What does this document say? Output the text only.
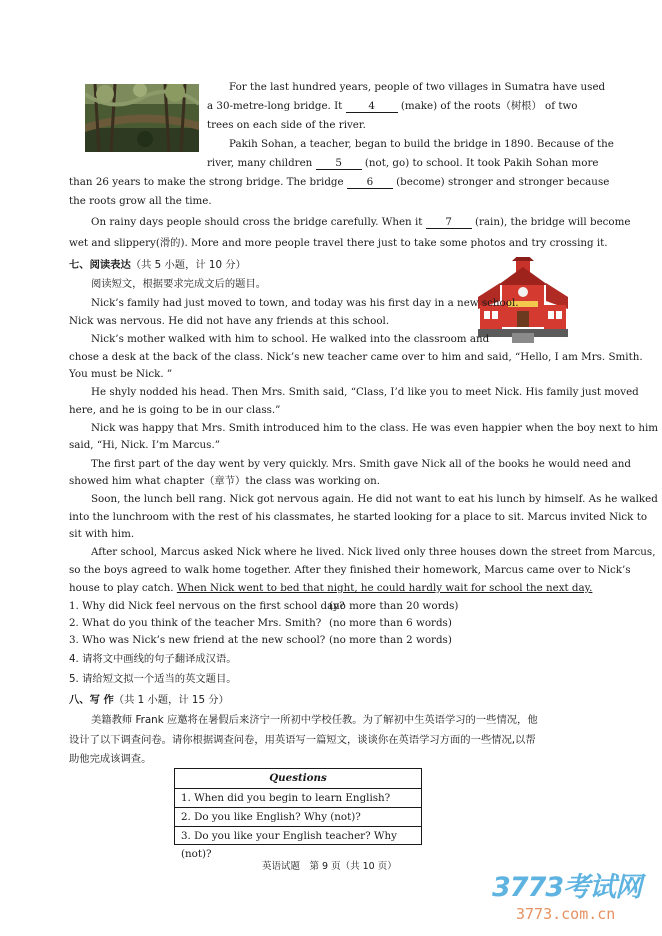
For the last hundred years, people of two villages in Sumatra have used
a 30-metre-long bridge. It	4	(make) of the roots（树根） of two
trees on each side of the river.
Pakih Sohan, a teacher, began to build the bridge in 1890. Because of the
river, many children 5 (not, go) to school. It took Pakih Sohan more
than 26 years to make the strong bridge. The bridge 6 (become) stronger and stronger because
the roots grow all the time.
On rainy days people should cross the bridge carefully. When it 7 (rain), the bridge will become
wet and slippery(滑的). More and more people travel there just to take some photos and try crossing it.
七、阅读表达（共 5 小题，计 10 分）
阅读短文，根据要求完成文后的题目。
Nick’s family had just moved to town, and today was his first day in a new school.
Nick was nervous. He did not have any friends at this school.
Nick’s mother walked with him to school. He walked into the classroom and
chose a desk at the back of the class. Nick’s new teacher came over to him and said, “Hello, I am Mrs. Smith.
You must be Nick. ”
He shyly nodded his head. Then Mrs. Smith said, “Class, I’d like you to meet Nick. His family just moved
here, and he is going to be in our class.”
Nick was happy that Mrs. Smith introduced him to the class. He was even happier when the boy next to him
said, “Hi, Nick. I’m Marcus.”
The first part of the day went by very quickly. Mrs. Smith gave Nick all of the books he would need and
showed him what chapter（章节）the class was working on.
Soon, the lunch bell rang. Nick got nervous again. He did not want to eat his lunch by himself. As he walked
into the lunchroom with the rest of his classmates, he started looking for a place to sit. Marcus invited Nick to
sit with him.
After school, Marcus asked Nick where he lived. Nick lived only three houses down the street from Marcus,
so the boys agreed to walk home together. After they finished their homework, Marcus came over to Nick’s
house to play catch. When Nick went to bed that night, he could hardly wait for school the next day.
1. Why did Nick feel nervous on the first school day?
(no more than 20 words)
2. What do you think of the teacher Mrs. Smith? (no more than 6 words)
3. Who was Nick’s new friend at the new school? (no more than 2 words)
4. 请将文中画线的句子翻译成汉语。
5. 请给短文拟一个适当的英文题目。
八、写 作（共 1 小题，计 15 分）
美籍教师 Frank 应邀将在暑假后来济宁一所初中学校任教。为了解初中生英语学习的一些情况，他
设计了以下调查问卷。请你根据调查问卷，用英语写一篇短文，谈谈你在英语学习方面的一些情况,以帮
助他完成该调查。
Questions
1. When did you begin to learn English?
2. Do you like English? Why (not)?
3. Do you like your English teacher? Why (not)?
英语试题　第 9 页（共 10 页）
3773考试网
3773.com.cn
